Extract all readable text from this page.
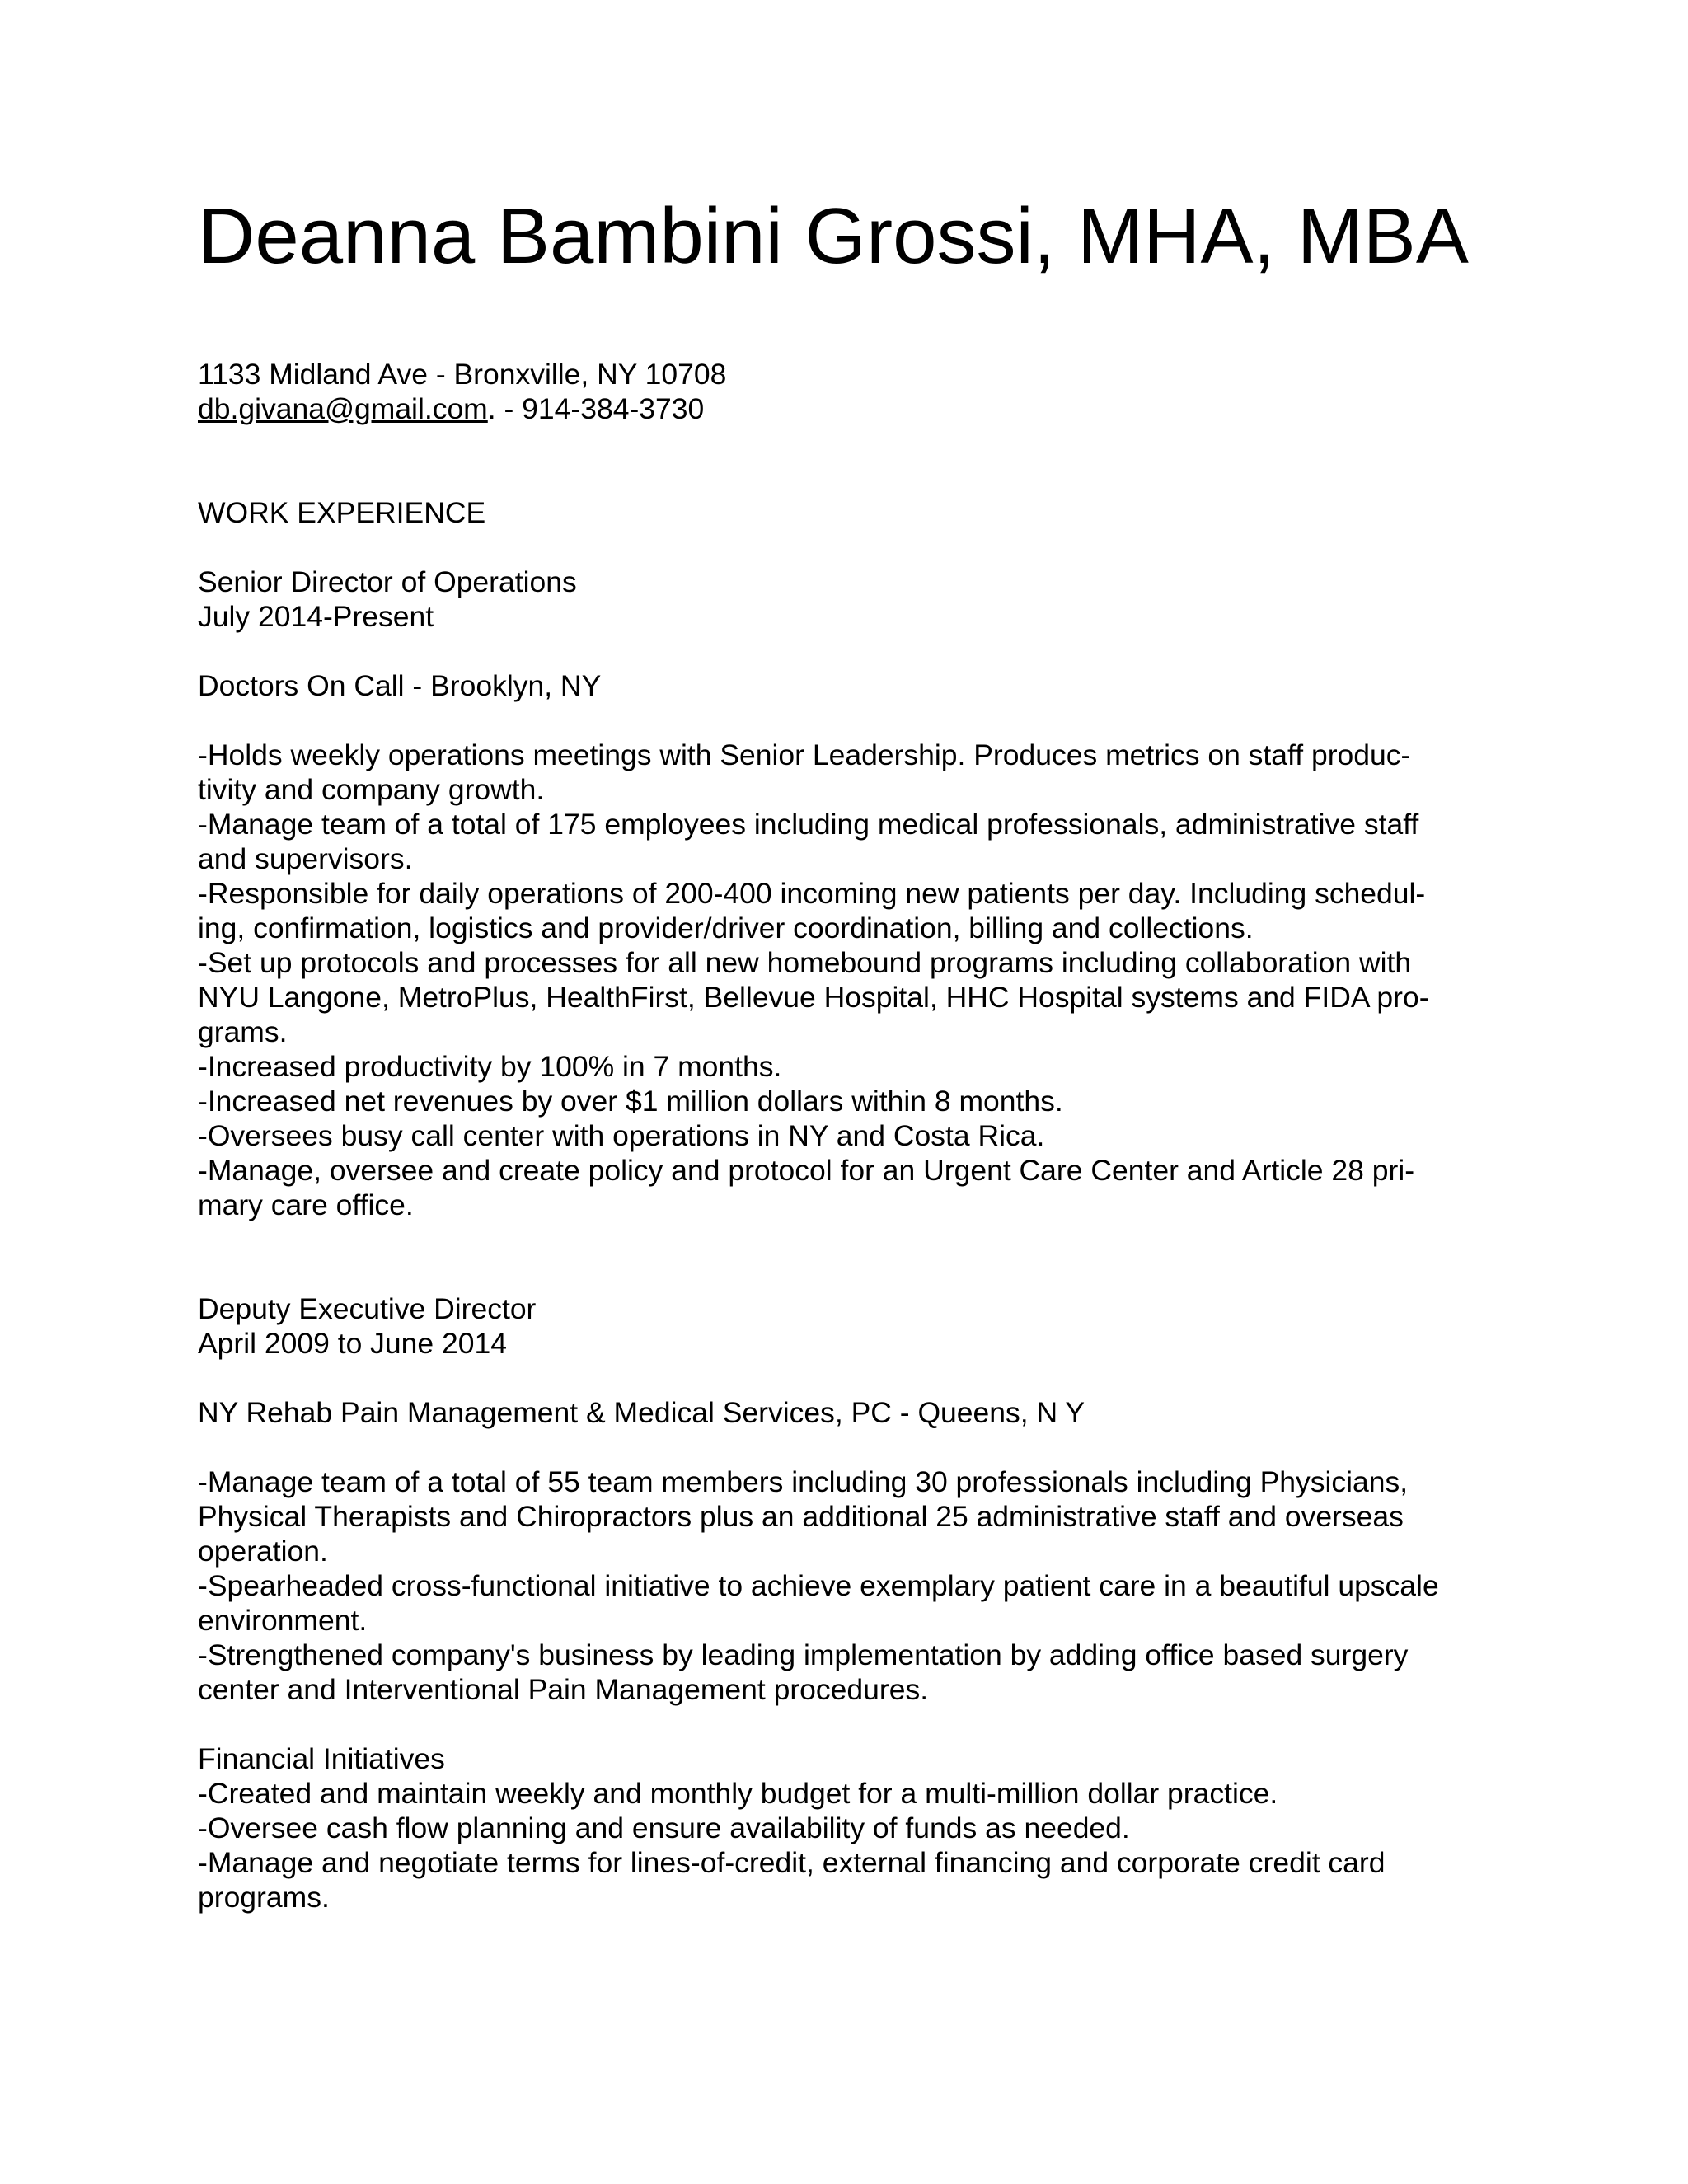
Deanna Bambini Grossi, MHA, MBA
1133 Midland Ave - Bronxville, NY 10708
db.givana@gmail.com. - 914-384-3730
WORK EXPERIENCE
Senior Director of Operations
July 2014-Present
Doctors On Call - Brooklyn, NY
-Holds weekly operations meetings with Senior Leadership. Produces metrics on staff produc-
tivity and company growth.
-Manage team of a total of 175 employees including medical professionals, administrative staff
and supervisors.
-Responsible for daily operations of 200-400 incoming new patients per day. Including schedul-
ing, confirmation, logistics and provider/driver coordination, billing and collections.
-Set up protocols and processes for all new homebound programs including collaboration with
NYU Langone, MetroPlus, HealthFirst, Bellevue Hospital, HHC Hospital systems and FIDA pro-
grams.
-Increased productivity by 100% in 7 months.
-Increased net revenues by over $1 million dollars within 8 months.
-Oversees busy call center with operations in NY and Costa Rica.
-Manage, oversee and create policy and protocol for an Urgent Care Center and Article 28 pri-
mary care office.
Deputy Executive Director
April 2009 to June 2014
NY Rehab Pain Management & Medical Services, PC - Queens, N Y
-Manage team of a total of 55 team members including 30 professionals including Physicians,
Physical Therapists and Chiropractors plus an additional 25 administrative staff and overseas
operation.
-Spearheaded cross-functional initiative to achieve exemplary patient care in a beautiful upscale
environment.
-Strengthened company's business by leading implementation by adding office based surgery
center and Interventional Pain Management procedures.
Financial Initiatives
-Created and maintain weekly and monthly budget for a multi-million dollar practice.
-Oversee cash flow planning and ensure availability of funds as needed.
-Manage and negotiate terms for lines-of-credit, external financing and corporate credit card
programs.
